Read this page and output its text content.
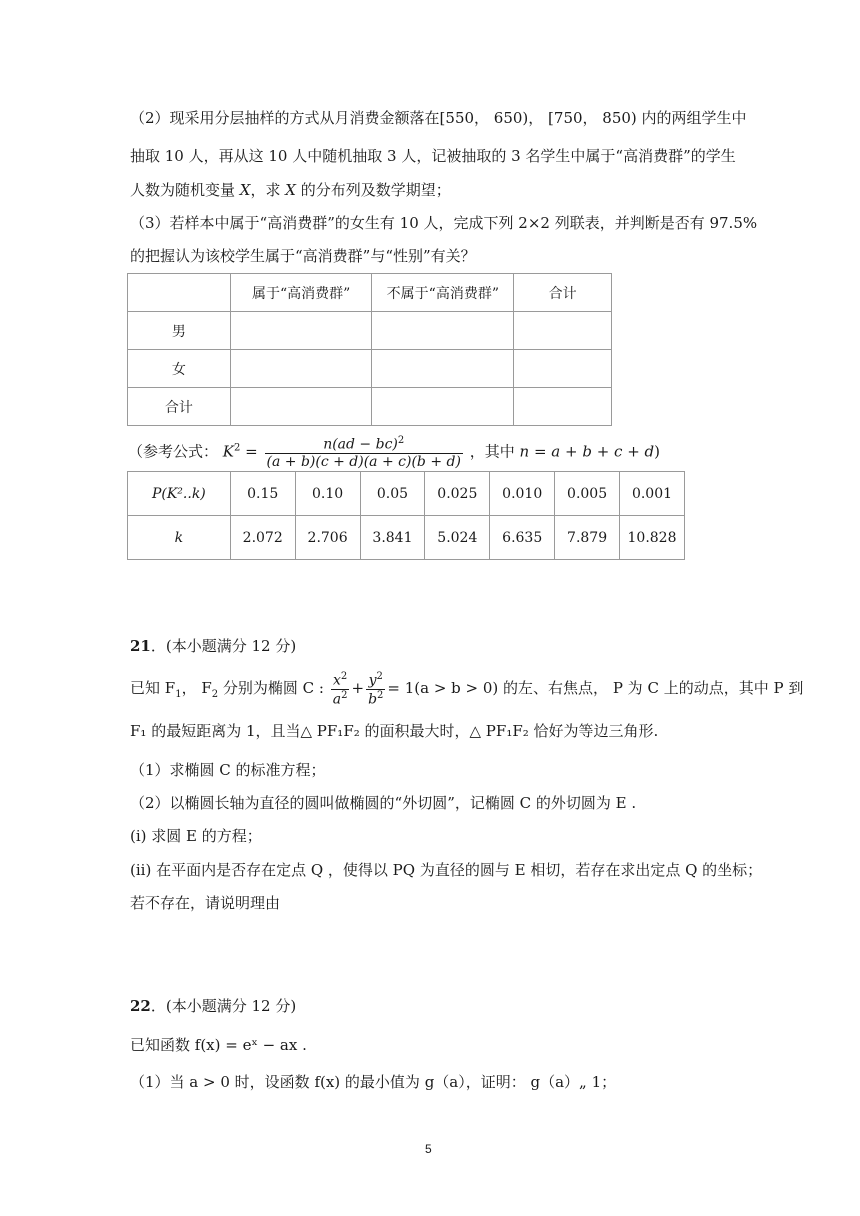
（2）现采用分层抽样的方式从月消费金额落在[550， 650)， [750， 850) 内的两组学生中
抽取 10 人，再从这 10 人中随机抽取 3 人，记被抽取的 3 名学生中属于“高消费群”的学生
人数为随机变量 X，求 X 的分布列及数学期望；
（3）若样本中属于“高消费群”的女生有 10 人，完成下列 2×2 列联表，并判断是否有 97.5%
的把握认为该校学生属于“高消费群”与“性别”有关？
	属于“高消费群”	不属于“高消费群”	合计
男			
女			
合计			
（参考公式： $K^2 = \frac{n(ad - bc)^2}{(a + b)(c + d)(a + c)(b + d)}$ ，其中 n = a + b + c + d)
P(K²..k)	0.15	0.10	0.05	0.025	0.010	0.005	0.001
k	2.072	2.706	3.841	5.024	6.635	7.879	10.828
21．(本小题满分 12 分)
已知 $F_1$， $F_2$ 分别为椭圆 C : $\frac{x^2}{a^2} + \frac{y^2}{b^2} = 1(a > b > 0)$ 的左、右焦点， P 为 C 上的动点，其中 P 到
F₁ 的最短距离为 1，且当△ PF₁F₂ 的面积最大时，△ PF₁F₂ 恰好为等边三角形.
（1）求椭圆 C 的标准方程；
（2）以椭圆长轴为直径的圆叫做椭圆的“外切圆”，记椭圆 C 的外切圆为 E .
(i) 求圆 E 的方程；
(ii) 在平面内是否存在定点 Q ，使得以 PQ 为直径的圆与 E 相切，若存在求出定点 Q 的坐标；
若不存在，请说明理由
22．(本小题满分 12 分)
已知函数 f(x) = eˣ − ax .
（1）当 a > 0 时，设函数 f(x) 的最小值为 g（a），证明： g（a）„ 1；
5
